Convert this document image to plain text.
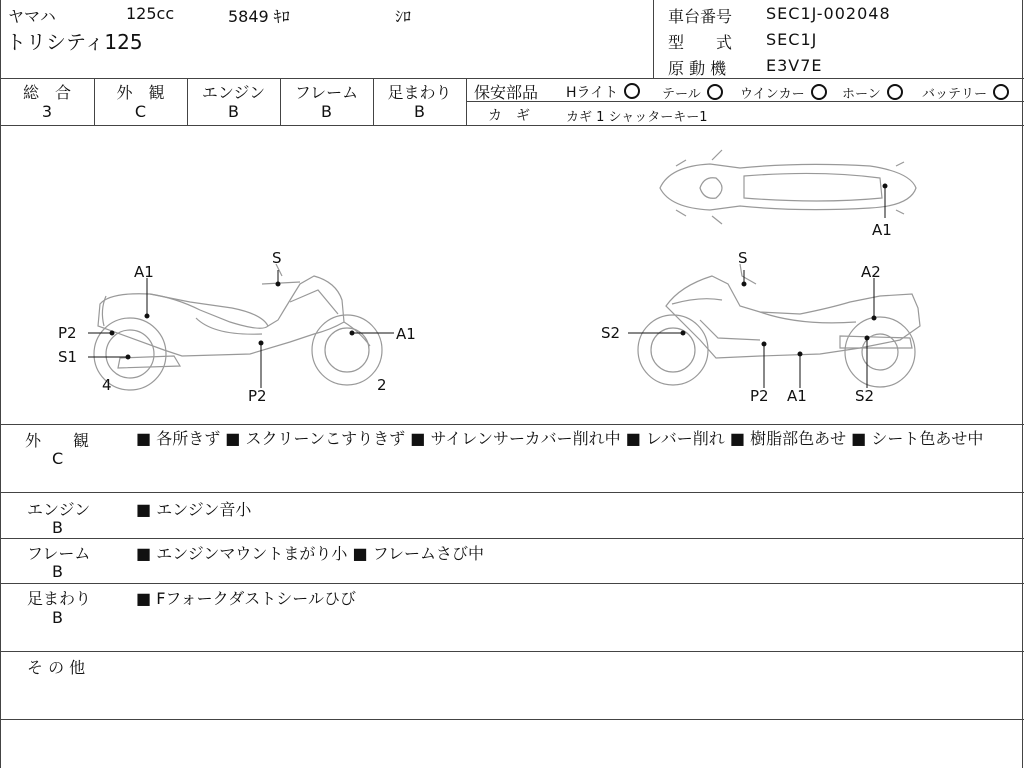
ヤマハ	125cc	5849 ｷﾛ	ｼﾛ
トリシティ125
車台番号 SEC1J-002048
型　　式 SEC1J
原 動 機 E3V7E
総　合
3
外　観
C
エンジン
B
フレーム
B
足まわり
B
保安部品 Hライト	テール	ウインカー	ホーン	バッテリー
カ　ギ	カギ 1 シャッターキー1
S
A1
P2
S1
4
A1
P2
2
S
A2
S2
P2 A1	S2
A1
外　　観
C
■ 各所きず ■ スクリーンこすりきず ■ サイレンサーカバー削れ中 ■ レバー削れ ■ 樹脂部色あせ ■ シート色あせ中
エンジン
B
■ エンジン音小
フレーム
B
■ エンジンマウントまがり小 ■ フレームさび中
足まわり
B
■ Fフォークダストシールひび
そ の 他
